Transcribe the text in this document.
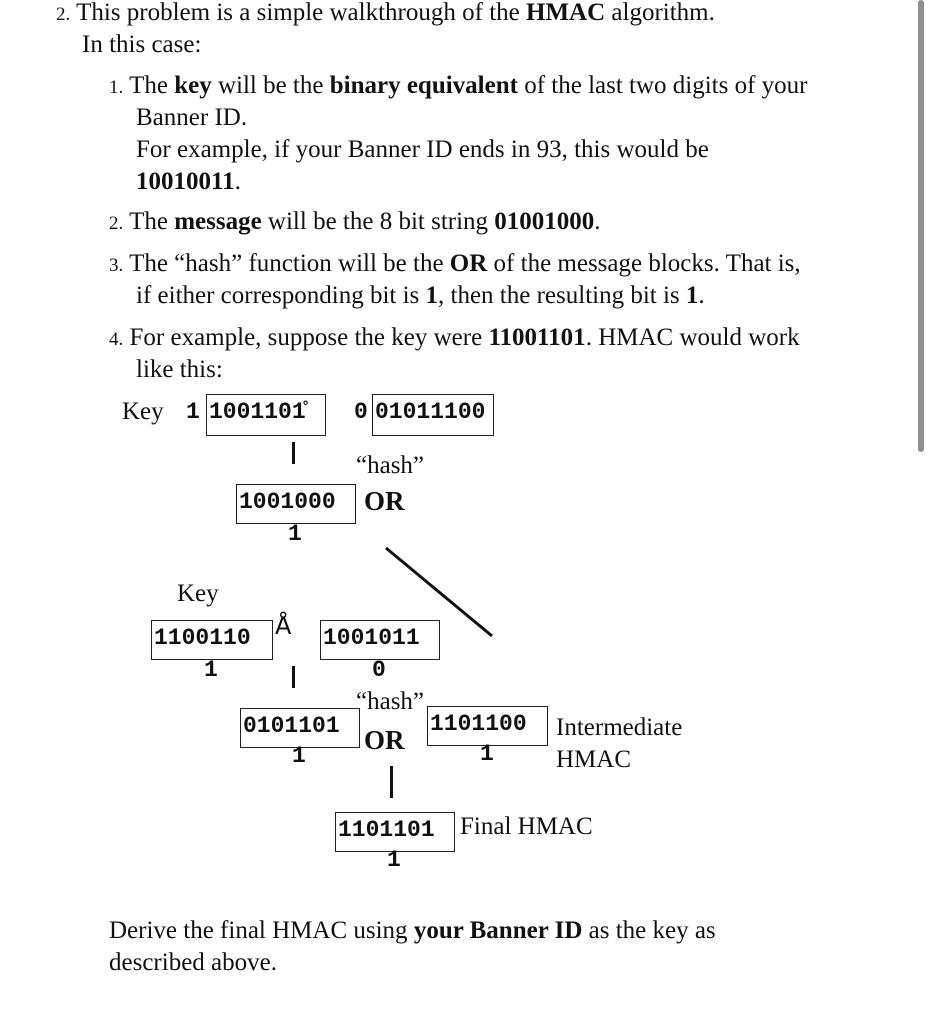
2. This problem is a simple walkthrough of the HMAC algorithm.
In this case:
1. The key will be the binary equivalent of the last two digits of your
Banner ID.
For example, if your Banner ID ends in 93, this would be
10010011.
2. The message will be the 8 bit string 01001000.
3. The “hash” function will be the OR of the message blocks. That is,
if either corresponding bit is 1, then the resulting bit is 1.
4. For example, suppose the key were 11001101. HMAC would work
like this:
Key 1 1001101̊	0 01011100
“hash”
1001000
1
OR
Key
1100110
1
Å 1001011
0
“hash”
0101101
1
OR
1101100
1
Intermediate
HMAC
1101101
1
Final HMAC
Derive the final HMAC using your Banner ID as the key as
described above.
